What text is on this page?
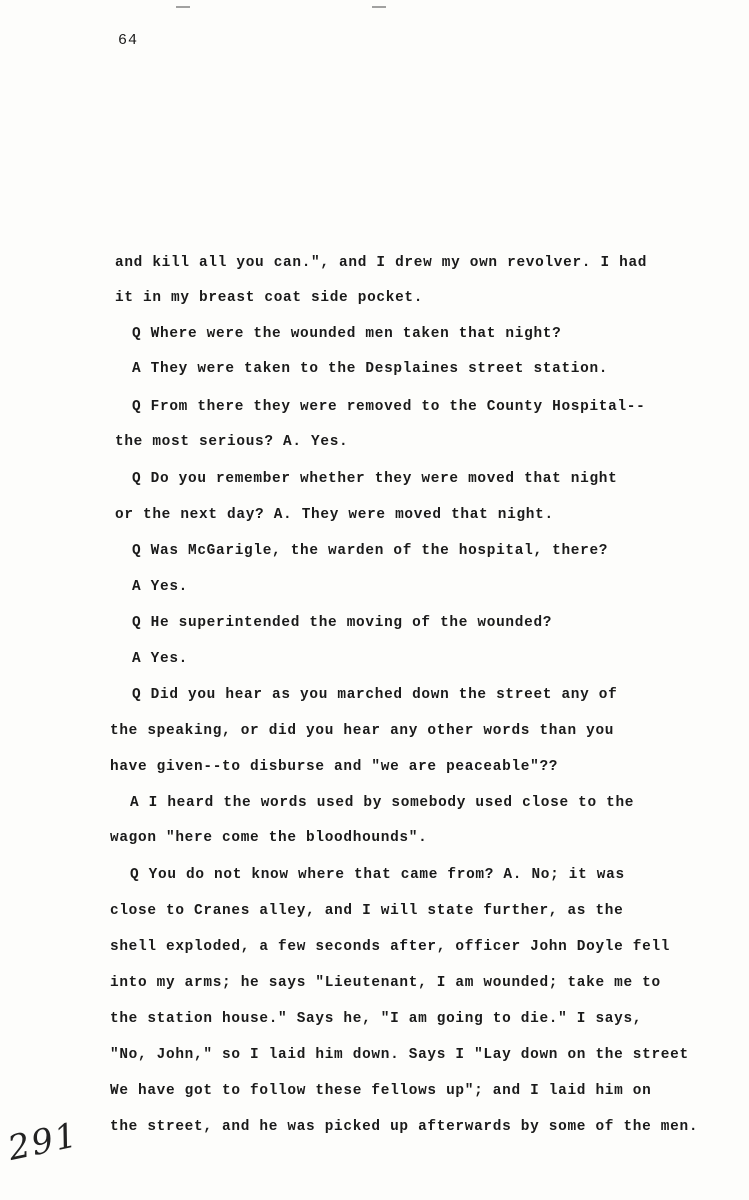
64
and kill all you can.", and I drew my own revolver. I had
it in my breast coat side pocket.
Q Where were the wounded men taken that night?
A They were taken to the Desplaines street station.
Q From there they were removed to the County Hospital--
the most serious? A. Yes.
Q Do you remember whether they were moved that night
or the next day? A. They were moved that night.
Q Was McGarigle, the warden of the hospital, there?
A Yes.
Q He superintended the moving of the wounded?
A Yes.
Q Did you hear as you marched down the street any of
the speaking, or did you hear any other words than you
have given--to disburse and "we are peaceable"??
A I heard the words used by somebody used close to the
wagon "here come the bloodhounds".
Q You do not know where that came from? A. No; it was
close to Cranes alley, and I will state further, as the
shell exploded, a few seconds after, officer John Doyle fell
into my arms; he says "Lieutenant, I am wounded; take me to
the station house." Says he, "I am going to die." I says,
"No, John," so I laid him down. Says I "Lay down on the street
We have got to follow these fellows up"; and I laid him on
the street, and he was picked up afterwards by some of the men.
291
